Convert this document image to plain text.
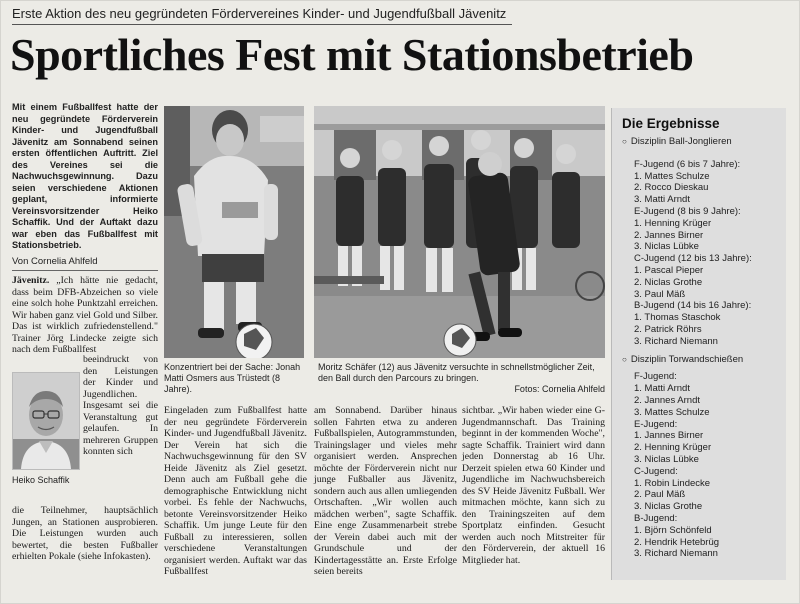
Erste Aktion des neu gegründeten Fördervereines Kinder- und Jugendfußball Jävenitz
Sportliches Fest mit Stationsbetrieb
Mit einem Fußballfest hatte der neu gegründete Förderverein Kinder- und Jugendfußball Jävenitz am Sonnabend seinen ersten öffentlichen Auftritt. Ziel des Vereines sei die Nachwuchsgewinnung. Dazu seien verschiedene Aktionen geplant, informierte Vereinsvorsitzender Heiko Schaffik. Und der Auftakt dazu war eben das Fußballfest mit Stationsbetrieb.
Von Cornelia Ahlfeld
Jävenitz. „Ich hätte nie gedacht, dass beim DFB-Abzeichen so viele eine solch hohe Punktzahl erreichen. Wir haben ganz viel Gold und Silber. Das ist wirklich zufriedenstellend." Trainer Jörg Lindecke zeigte sich nach dem Fußballfest
Heiko Schaffik
beeindruckt von den Leistungen der Kinder und Jugendlichen. Insgesamt sei die Veranstaltung gut gelaufen. In mehreren Gruppen konnten sich
die Teilnehmer, hauptsächlich Jungen, an Stationen ausprobieren. Die Leistungen wurden auch bewertet, die besten Fußballer erhielten Pokale (siehe Infokasten).
Konzentriert bei der Sache: Jonah Matti Osmers aus Trüstedt (8 Jahre).
Moritz Schäfer (12) aus Jävenitz versuchte in schnellstmöglicher Zeit, den Ball durch den Parcours zu bringen.
Fotos: Cornelia Ahlfeld
Eingeladen zum Fußballfest hatte der neu gegründete Förderverein Kinder- und Jugendfußball Jävenitz. Der Verein hat sich die Nachwuchsgewinnung für den SV Heide Jävenitz als Ziel gesetzt. Denn auch am Fußball gehe die demographische Entwicklung nicht vorbei. Es fehle der Nachwuchs, betonte Vereinsvorsitzender Heiko Schaffik. Um junge Leute für den Fußball zu interessieren, sollen verschiedene Veranstaltungen organisiert werden. Auftakt war das Fußballfest
am Sonnabend. Darüber hinaus sollen Fahrten etwa zu anderen Fußballspielen, Autogrammstunden, Trainingslager und vieles mehr organisiert werden. Ansprechen möchte der Förderverein nicht nur junge Fußballer aus Jävenitz, sondern auch aus allen umliegenden Ortschaften. „Wir wollen auch mädchen werben", sagte Schaffik. Eine enge Zusammenarbeit strebe der Verein dabei auch mit der Grundschule und der Kindertagesstätte an. Erste Erfolge seien bereits
sichtbar. „Wir haben wieder eine G-Jugendmannschaft. Das Training beginnt in der kommenden Woche", sagte Schaffik. Trainiert wird dann jeden Donnerstag ab 16 Uhr. Derzeit spielen etwa 60 Kinder und Jugendliche im Nachwuchsbereich des SV Heide Jävenitz Fußball. Wer mitmachen möchte, kann sich zu den Trainingszeiten auf dem Sportplatz einfinden. Gesucht werden auch noch Mitstreiter für den Förderverein, der aktuell 16 Mitglieder hat.
Die Ergebnisse
○ Disziplin Ball-Jonglieren
F-Jugend (6 bis 7 Jahre):
1. Mattes Schulze
2. Rocco Dieskau
3. Matti Arndt
E-Jugend (8 bis 9 Jahre):
1. Henning Krüger
2. Jannes Birner
3. Niclas Lübke
C-Jugend (12 bis 13 Jahre):
1. Pascal Pieper
2. Niclas Grothe
3. Paul Mäß
B-Jugend (14 bis 16 Jahre):
1. Thomas Staschok
2. Patrick Röhrs
3. Richard Niemann
○ Disziplin Torwandschießen
F-Jugend:
1. Matti Arndt
2. Jannes Arndt
3. Mattes Schulze
E-Jugend:
1. Jannes Birner
2. Henning Krüger
3. Niclas Lübke
C-Jugend:
1. Robin Lindecke
2. Paul Mäß
3. Niclas Grothe
B-Jugend:
1. Björn Schönfeld
2. Hendrik Hetebrüg
3. Richard Niemann
